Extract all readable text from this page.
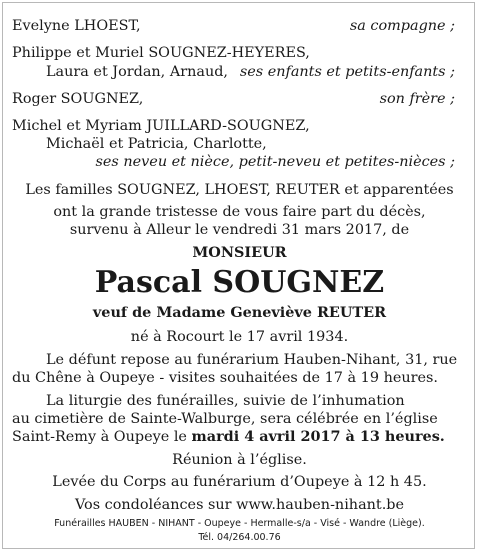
Evelyne LHOEST,	sa compagne ;
Philippe et Muriel SOUGNEZ-HEYERES,
Laura et Jordan, Arnaud, ses enfants et petits-enfants ;
Roger SOUGNEZ,	son frère ;
Michel et Myriam JUILLARD-SOUGNEZ,
Michaël et Patricia, Charlotte,
ses neveu et nièce, petit-neveu et petites-nièces ;
Les familles SOUGNEZ, LHOEST, REUTER et apparentées
ont la grande tristesse de vous faire part du décès,
survenu à Alleur le vendredi 31 mars 2017, de
MONSIEUR
Pascal SOUGNEZ
veuf de Madame Geneviève REUTER
né à Rocourt le 17 avril 1934.
Le défunt repose au funérarium Hauben-Nihant, 31, rue
du Chêne à Oupeye - visites souhaitées de 17 à 19 heures.
La liturgie des funérailles, suivie de l’inhumation
au cimetière de Sainte-Walburge, sera célébrée en l’église
Saint-Remy à Oupeye le mardi 4 avril 2017 à 13 heures.
Réunion à l’église.
Levée du Corps au funérarium d’Oupeye à 12 h 45.
Vos condoléances sur www.hauben-nihant.be
Funérailles HAUBEN - NIHANT - Oupeye - Hermalle-s/a - Visé - Wandre (Liège).
Tél. 04/264.00.76
